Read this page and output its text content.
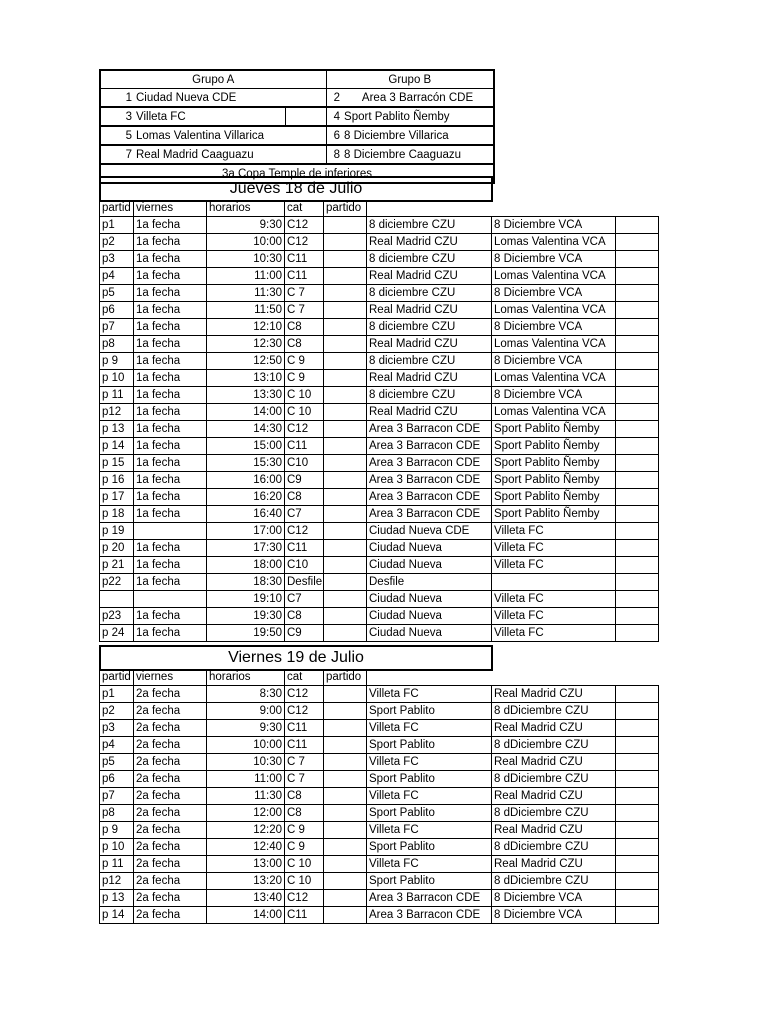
Grupo A			Grupo B	
1	Ciudad Nueva CDE		2	Area 3 Barracón CDE
3	Villeta FC		4	Sport Pablito Ñemby
5	Lomas Valentina Villarica		6	8 Diciembre Villarica
7	Real Madrid Caaguazu		8	8 Diciembre Caaguazu
3a Copa Temple de inferiores				
Jueves 18 de Julio
partid	viernes	horarios	cat	partido			
p1	1a fecha	9:30	C12		8 diciembre CZU	8 Diciembre VCA	
p2	1a fecha	10:00	C12		Real Madrid CZU	Lomas Valentina VCA	
p3	1a fecha	10:30	C11		8 diciembre CZU	8 Diciembre VCA	
p4	1a fecha	11:00	C11		Real Madrid CZU	Lomas Valentina VCA	
p5	1a fecha	11:30	C 7		8 diciembre CZU	8 Diciembre VCA	
p6	1a fecha	11:50	C 7		Real Madrid CZU	Lomas Valentina VCA	
p7	1a fecha	12:10	C8		8 diciembre CZU	8 Diciembre VCA	
p8	1a fecha	12:30	C8		Real Madrid CZU	Lomas Valentina VCA	
p 9	1a fecha	12:50	C 9		8 diciembre CZU	8 Diciembre VCA	
p 10	1a fecha	13:10	C 9		Real Madrid CZU	Lomas Valentina VCA	
p 11	1a fecha	13:30	C 10		8 diciembre CZU	8 Diciembre VCA	
p12	1a fecha	14:00	C 10		Real Madrid CZU	Lomas Valentina VCA	
p 13	1a fecha	14:30	C12		Area 3 Barracon CDE	Sport Pablito Ñemby	
p 14	1a fecha	15:00	C11		Area 3 Barracon CDE	Sport Pablito Ñemby	
p 15	1a fecha	15:30	C10		Area 3 Barracon CDE	Sport Pablito Ñemby	
p 16	1a fecha	16:00	C9		Area 3 Barracon CDE	Sport Pablito Ñemby	
p 17	1a fecha	16:20	C8		Area 3 Barracon CDE	Sport Pablito Ñemby	
p 18	1a fecha	16:40	C7		Area 3 Barracon CDE	Sport Pablito Ñemby	
p 19		17:00	C12		Ciudad Nueva CDE	Villeta FC	
p 20	1a fecha	17:30	C11		Ciudad Nueva	Villeta FC	
p 21	1a fecha	18:00	C10		Ciudad Nueva	Villeta FC	
p22	1a fecha	18:30	Desfile		Desfile		
		19:10	C7		Ciudad Nueva	Villeta FC	
p23	1a fecha	19:30	C8		Ciudad Nueva	Villeta FC	
p 24	1a fecha	19:50	C9		Ciudad Nueva	Villeta FC	
Viernes 19 de Julio
partid	viernes	horarios	cat	partido			
p1	2a fecha	8:30	C12		Villeta FC	Real Madrid CZU	
p2	2a fecha	9:00	C12		Sport Pablito	8 dDiciembre CZU	
p3	2a fecha	9:30	C11		Villeta FC	Real Madrid CZU	
p4	2a fecha	10:00	C11		Sport Pablito	8 dDiciembre CZU	
p5	2a fecha	10:30	C 7		Villeta FC	Real Madrid CZU	
p6	2a fecha	11:00	C 7		Sport Pablito	8 dDiciembre CZU	
p7	2a fecha	11:30	C8		Villeta FC	Real Madrid CZU	
p8	2a fecha	12:00	C8		Sport Pablito	8 dDiciembre CZU	
p 9	2a fecha	12:20	C 9		Villeta FC	Real Madrid CZU	
p 10	2a fecha	12:40	C 9		Sport Pablito	8 dDiciembre CZU	
p 11	2a fecha	13:00	C 10		Villeta FC	Real Madrid CZU	
p12	2a fecha	13:20	C 10		Sport Pablito	8 dDiciembre CZU	
p 13	2a fecha	13:40	C12		Area 3 Barracon CDE	8 Diciembre VCA	
p 14	2a fecha	14:00	C11		Area 3 Barracon CDE	8 Diciembre VCA	
